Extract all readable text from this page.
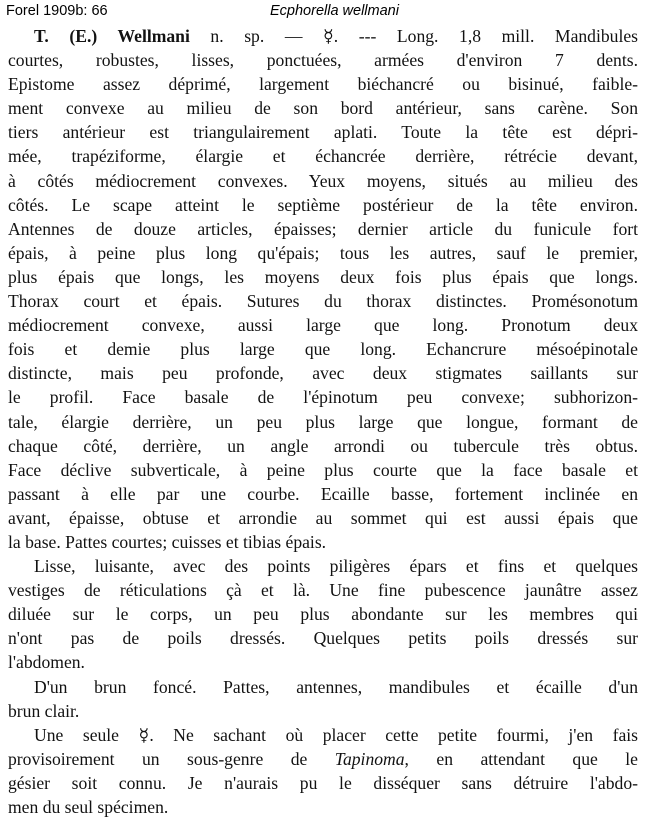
Forel 1909b: 66	Ecphorella wellmani
T. (E.) Wellmani n. sp. — ☿. --- Long. 1,8 mill. Mandibules
courtes, robustes, lisses, ponctuées, armées d'environ 7 dents.
Epistome assez déprimé, largement biéchancré ou bisinué, faible-
ment convexe au milieu de son bord antérieur, sans carène. Son
tiers antérieur est triangulairement aplati. Toute la tête est dépri-
mée, trapéziforme, élargie et échancrée derrière, rétrécie devant,
à côtés médiocrement convexes. Yeux moyens, situés au milieu des
côtés. Le scape atteint le septième postérieur de la tête environ.
Antennes de douze articles, épaisses; dernier article du funicule fort
épais, à peine plus long qu'épais; tous les autres, sauf le premier,
plus épais que longs, les moyens deux fois plus épais que longs.
Thorax court et épais. Sutures du thorax distinctes. Promésonotum
médiocrement convexe, aussi large que long. Pronotum deux
fois et demie plus large que long. Echancrure mésoépinotale
distincte, mais peu profonde, avec deux stigmates saillants sur
le profil. Face basale de l'épinotum peu convexe; subhorizon-
tale, élargie derrière, un peu plus large que longue, formant de
chaque côté, derrière, un angle arrondi ou tubercule très obtus.
Face déclive subverticale, à peine plus courte que la face basale et
passant à elle par une courbe. Ecaille basse, fortement inclinée en
avant, épaisse, obtuse et arrondie au sommet qui est aussi épais que
la base. Pattes courtes; cuisses et tibias épais.
Lisse, luisante, avec des points piligères épars et fins et quelques
vestiges de réticulations çà et là. Une fine pubescence jaunâtre assez
diluée sur le corps, un peu plus abondante sur les membres qui
n'ont pas de poils dressés. Quelques petits poils dressés sur
l'abdomen.
D'un brun foncé. Pattes, antennes, mandibules et écaille d'un
brun clair.
Une seule ☿. Ne sachant où placer cette petite fourmi, j'en fais
provisoirement un sous-genre de Tapinoma, en attendant que le
gésier soit connu. Je n'aurais pu le disséquer sans détruire l'abdo-
men du seul spécimen.
